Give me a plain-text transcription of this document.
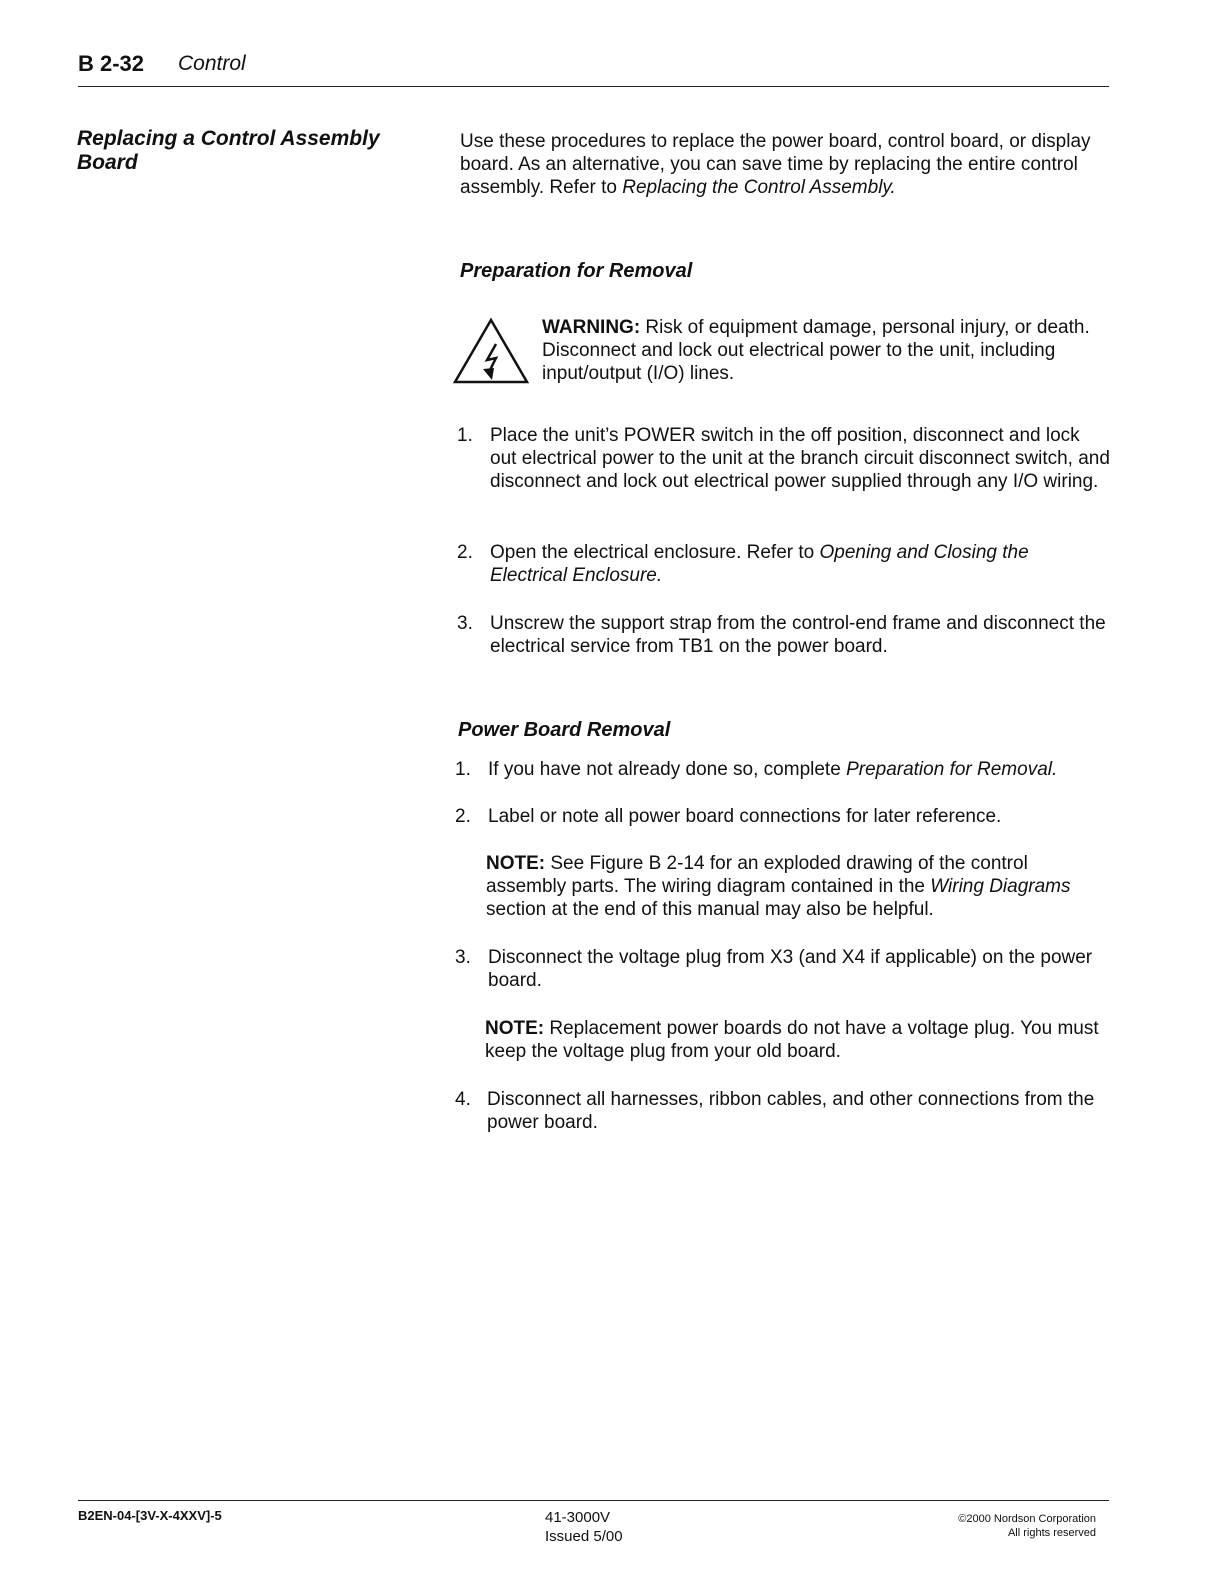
B 2-32 Control
Replacing a Control Assembly Board
Use these procedures to replace the power board, control board, or display board. As an alternative, you can save time by replacing the entire control assembly. Refer to Replacing the Control Assembly.
Preparation for Removal
WARNING: Risk of equipment damage, personal injury, or death. Disconnect and lock out electrical power to the unit, including input/output (I/O) lines.
1. Place the unit’s POWER switch in the off position, disconnect and lock out electrical power to the unit at the branch circuit disconnect switch, and disconnect and lock out electrical power supplied through any I/O wiring.
2. Open the electrical enclosure. Refer to Opening and Closing the Electrical Enclosure.
3. Unscrew the support strap from the control-end frame and disconnect the electrical service from TB1 on the power board.
Power Board Removal
1. If you have not already done so, complete Preparation for Removal.
2. Label or note all power board connections for later reference.
NOTE: See Figure B 2-14 for an exploded drawing of the control assembly parts. The wiring diagram contained in the Wiring Diagrams section at the end of this manual may also be helpful.
3. Disconnect the voltage plug from X3 (and X4 if applicable) on the power board.
NOTE: Replacement power boards do not have a voltage plug. You must keep the voltage plug from your old board.
4. Disconnect all harnesses, ribbon cables, and other connections from the power board.
B2EN-04-[3V-X-4XXV]-5	41-3000V
Issued 5/00
©2000 Nordson Corporation
All rights reserved
